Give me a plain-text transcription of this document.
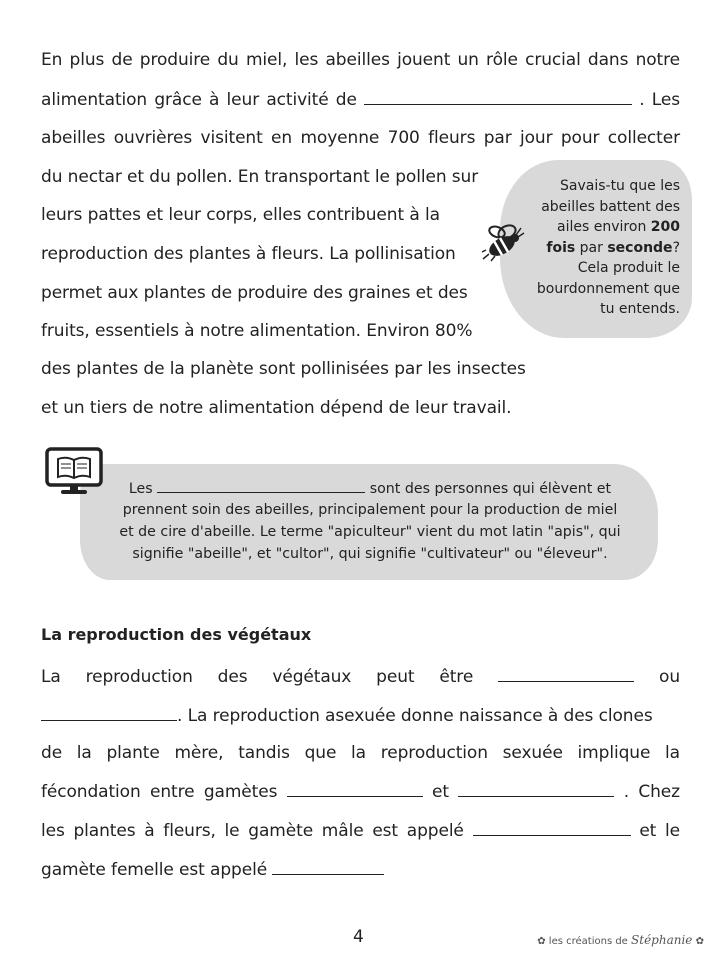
En plus de produire du miel, les abeilles jouent un rôle crucial dans notre
alimentation grâce à leur activité de	. Les
abeilles ouvrières visitent en moyenne 700 fleurs par jour pour collecter
du nectar et du pollen. En transportant le pollen sur
leurs pattes et leur corps, elles contribuent à la
reproduction des plantes à fleurs. La pollinisation
permet aux plantes de produire des graines et des
fruits, essentiels à notre alimentation. Environ 80%
des plantes de la planète sont pollinisées par les insectes
et un tiers de notre alimentation dépend de leur travail.
Savais-tu que les
abeilles battent des
ailes environ 200
fois par seconde?
Cela produit le
bourdonnement que
tu entends.
Les	sont des personnes qui élèvent et
prennent soin des abeilles, principalement pour la production de miel
et de cire d'abeille. Le terme "apiculteur" vient du mot latin "apis", qui
signifie "abeille", et "cultor", qui signifie "cultivateur" ou "éleveur".
La reproduction des végétaux
La reproduction des végétaux peut être	ou
. La reproduction asexuée donne naissance à des clones
de la plante mère, tandis que la reproduction sexuée implique la
fécondation entre gamètes	et	. Chez
les plantes à fleurs, le gamète mâle est appelé	et le
gamète femelle est appelé
4	✿ les créations de Stéphanie ✿
